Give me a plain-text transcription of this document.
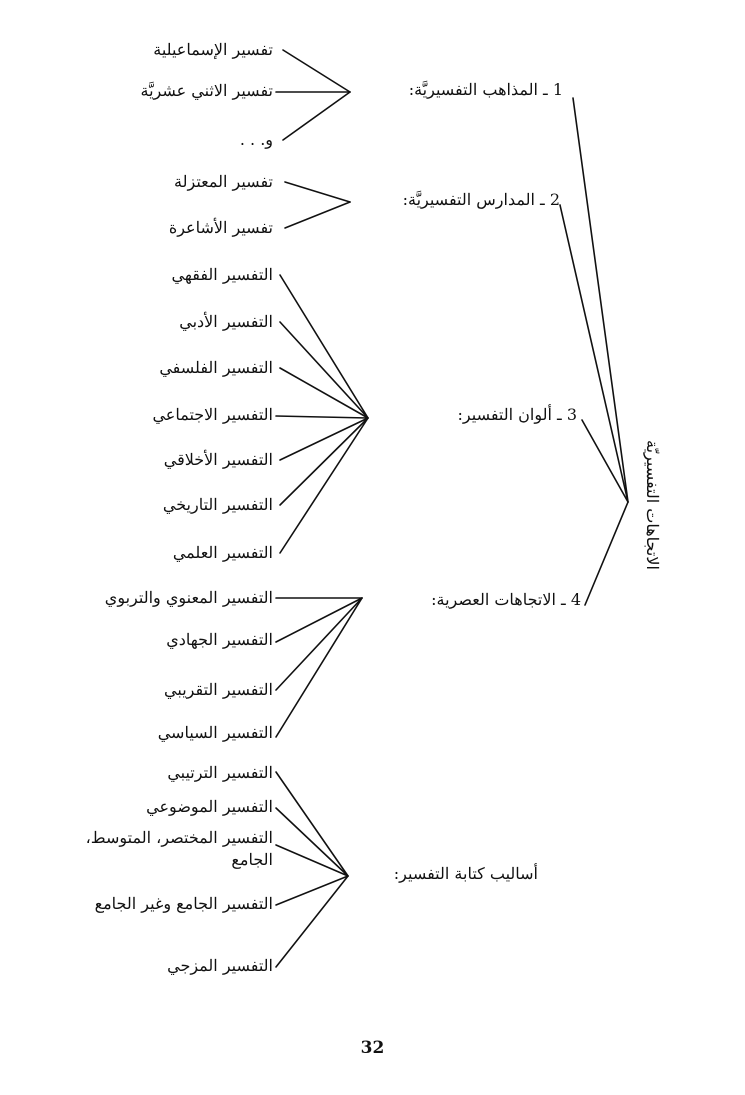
الاتجاهات التفسيريّة
1 ـ المذاهب التفسيريَّة:
2 ـ المدارس التفسيريَّة:
3 ـ ألوان التفسير:
4 ـ الاتجاهات العصرية:
أساليب كتابة التفسير:
تفسير الإسماعيلية
تفسير الاثني عشريَّة
و. . .
تفسير المعتزلة
تفسير الأشاعرة
التفسير الفقهي
التفسير الأدبي
التفسير الفلسفي
التفسير الاجتماعي
التفسير الأخلاقي
التفسير التاريخي
التفسير العلمي
التفسير المعنوي والتربوي
التفسير الجهادي
التفسير التقريبي
التفسير السياسي
التفسير الترتيبي
التفسير الموضوعي
التفسير المختصر، المتوسط، الجامع
التفسير الجامع وغير الجامع
التفسير المزجي
32
